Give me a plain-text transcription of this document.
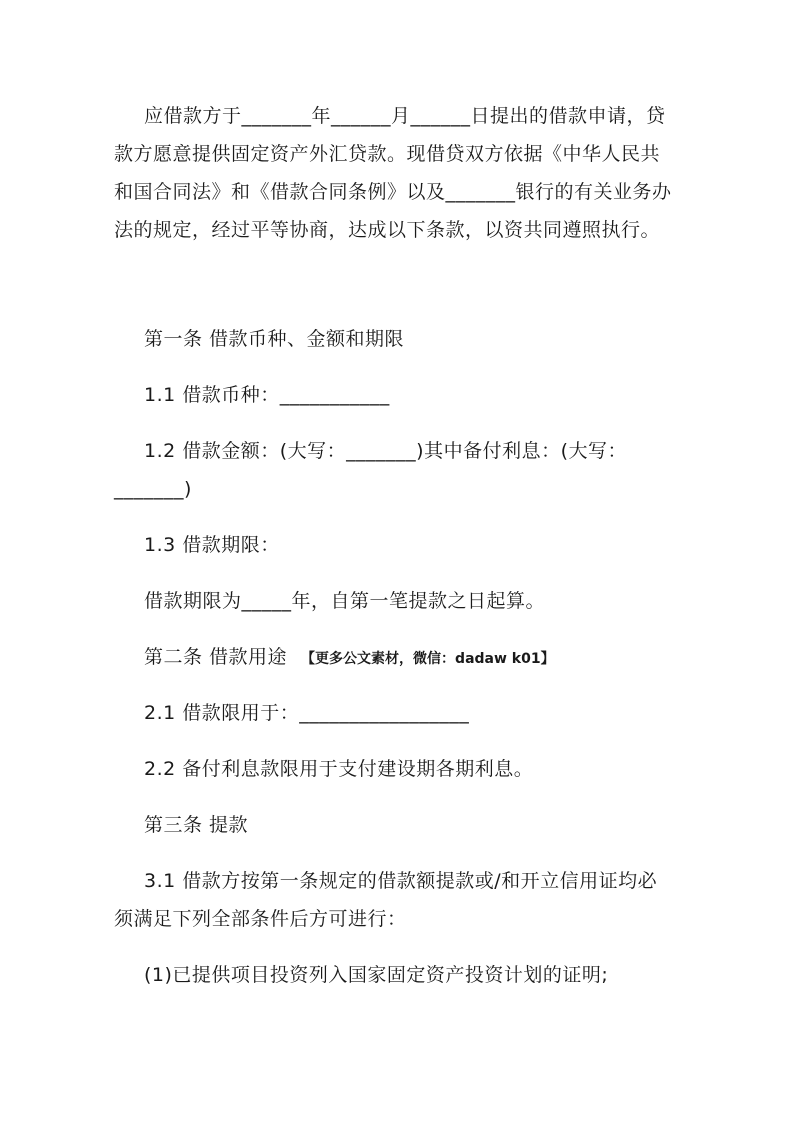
应借款方于_______年______月______日提出的借款申请，贷款方愿意提供固定资产外汇贷款。现借贷双方依据《中华人民共和国合同法》和《借款合同条例》以及_______银行的有关业务办法的规定，经过平等协商，达成以下条款，以资共同遵照执行。

第一条 借款币种、金额和期限

1.1 借款币种：___________

1.2 借款金额：(大写：_______)其中备付利息：(大写：_______)

1.3 借款期限：

借款期限为_____年，自第一笔提款之日起算。

第二条 借款用途 【更多公文素材，微信：dadaw k01】

2.1 借款限用于：_________________

2.2 备付利息款限用于支付建设期各期利息。

第三条 提款

3.1 借款方按第一条规定的借款额提款或/和开立信用证均必须满足下列全部条件后方可进行：

(1)已提供项目投资列入国家固定资产投资计划的证明;
